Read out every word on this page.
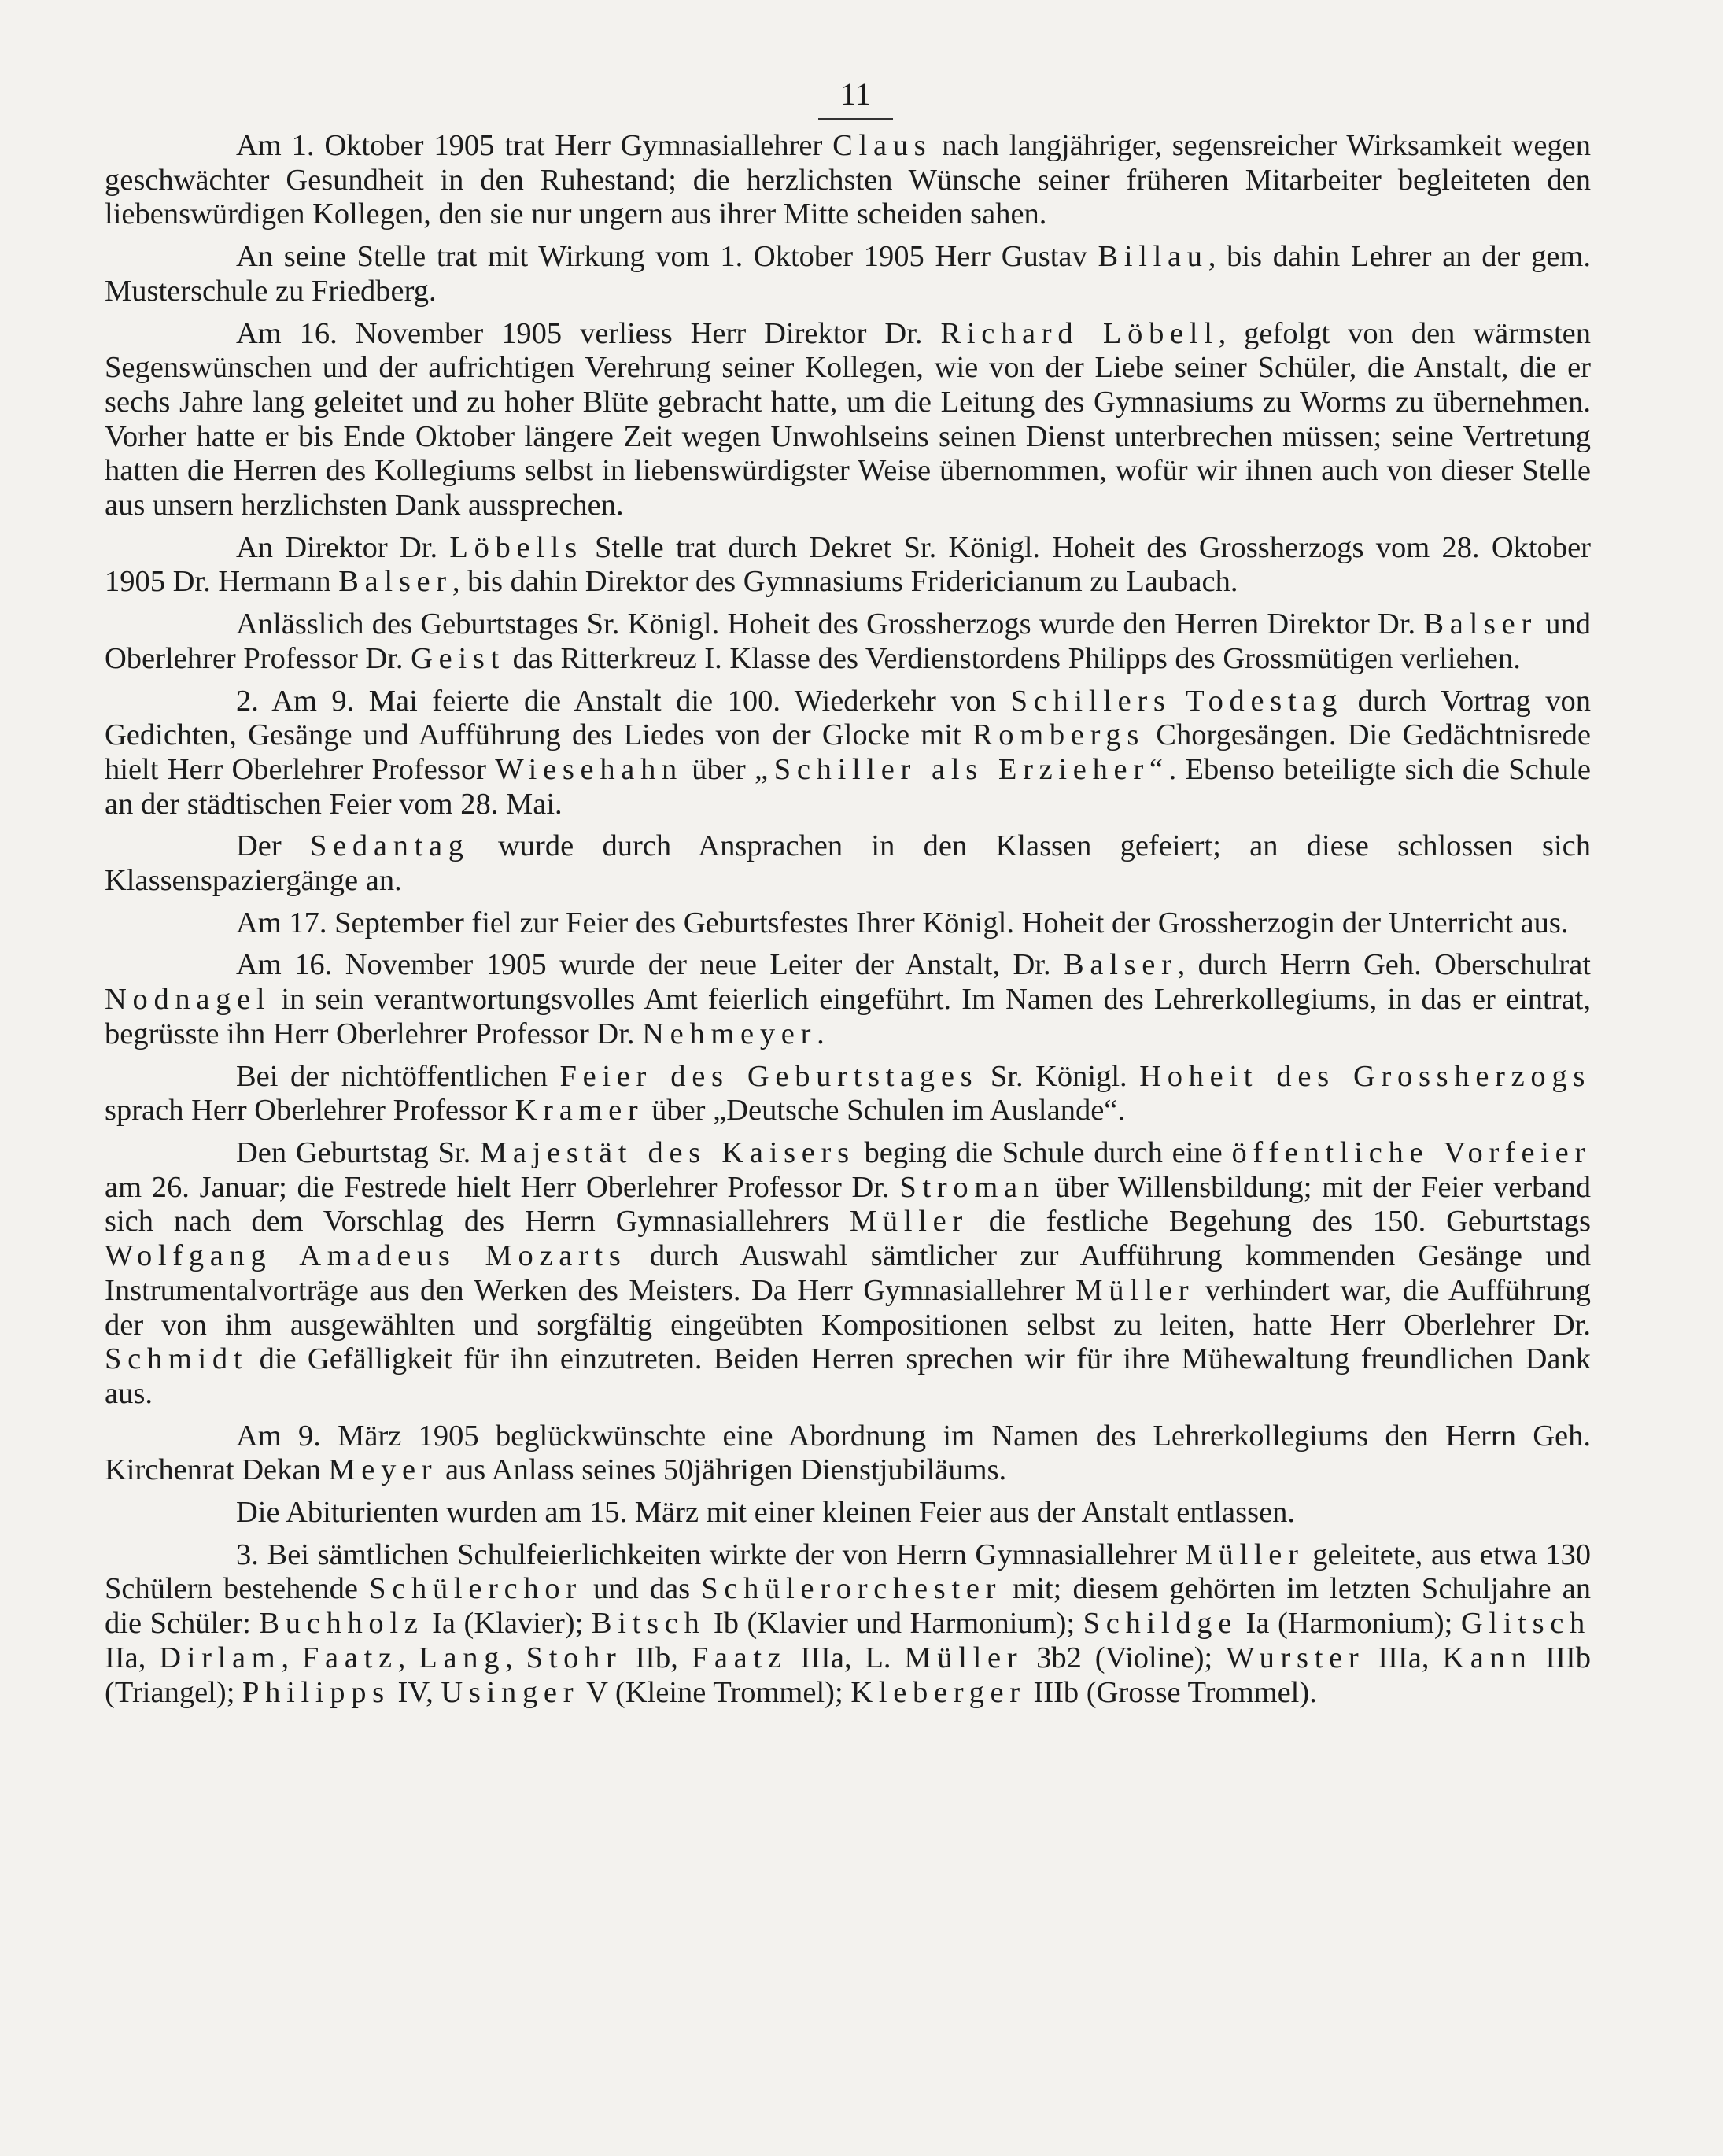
11

Am 1. Oktober 1905 trat Herr Gymnasiallehrer Claus nach langjähriger, segensreicher Wirksamkeit wegen geschwächter Gesundheit in den Ruhestand; die herzlichsten Wünsche seiner früheren Mitarbeiter begleiteten den liebenswürdigen Kollegen, den sie nur ungern aus ihrer Mitte scheiden sahen.

An seine Stelle trat mit Wirkung vom 1. Oktober 1905 Herr Gustav Billau, bis dahin Lehrer an der gem. Musterschule zu Friedberg.

Am 16. November 1905 verliess Herr Direktor Dr. Richard Löbell, gefolgt von den wärmsten Segenswünschen und der aufrichtigen Verehrung seiner Kollegen, wie von der Liebe seiner Schüler, die Anstalt, die er sechs Jahre lang geleitet und zu hoher Blüte gebracht hatte, um die Leitung des Gymnasiums zu Worms zu übernehmen. Vorher hatte er bis Ende Oktober längere Zeit wegen Unwohlseins seinen Dienst unterbrechen müssen; seine Vertretung hatten die Herren des Kollegiums selbst in liebenswürdigster Weise übernommen, wofür wir ihnen auch von dieser Stelle aus unsern herzlichsten Dank aussprechen.

An Direktor Dr. Löbells Stelle trat durch Dekret Sr. Königl. Hoheit des Grossherzogs vom 28. Oktober 1905 Dr. Hermann Balser, bis dahin Direktor des Gymnasiums Fridericianum zu Laubach.

Anlässlich des Geburtstages Sr. Königl. Hoheit des Grossherzogs wurde den Herren Direktor Dr. Balser und Oberlehrer Professor Dr. Geist das Ritterkreuz I. Klasse des Verdienstordens Philipps des Grossmütigen verliehen.

2. Am 9. Mai feierte die Anstalt die 100. Wiederkehr von Schillers Todestag durch Vortrag von Gedichten, Gesänge und Aufführung des Liedes von der Glocke mit Rombergs Chorgesängen. Die Gedächtnisrede hielt Herr Oberlehrer Professor Wiesehahn über „Schiller als Erzieher“. Ebenso beteiligte sich die Schule an der städtischen Feier vom 28. Mai.

Der Sedantag wurde durch Ansprachen in den Klassen gefeiert; an diese schlossen sich Klassenspaziergänge an.

Am 17. September fiel zur Feier des Geburtsfestes Ihrer Königl. Hoheit der Grossherzogin der Unterricht aus.

Am 16. November 1905 wurde der neue Leiter der Anstalt, Dr. Balser, durch Herrn Geh. Oberschulrat Nodnagel in sein verantwortungsvolles Amt feierlich eingeführt. Im Namen des Lehrerkollegiums, in das er eintrat, begrüsste ihn Herr Oberlehrer Professor Dr. Nehmeyer.

Bei der nichtöffentlichen Feier des Geburtstages Sr. Königl. Hoheit des Grossherzogs sprach Herr Oberlehrer Professor Kramer über „Deutsche Schulen im Auslande“.

Den Geburtstag Sr. Majestät des Kaisers beging die Schule durch eine öffentliche Vorfeier am 26. Januar; die Festrede hielt Herr Oberlehrer Professor Dr. Stroman über Willensbildung; mit der Feier verband sich nach dem Vorschlag des Herrn Gymnasiallehrers Müller die festliche Begehung des 150. Geburtstags Wolfgang Amadeus Mozarts durch Auswahl sämtlicher zur Aufführung kommenden Gesänge und Instrumentalvorträge aus den Werken des Meisters. Da Herr Gymnasiallehrer Müller verhindert war, die Aufführung der von ihm ausgewählten und sorgfältig eingeübten Kompositionen selbst zu leiten, hatte Herr Oberlehrer Dr. Schmidt die Gefälligkeit für ihn einzutreten. Beiden Herren sprechen wir für ihre Mühewaltung freundlichen Dank aus.

Am 9. März 1905 beglückwünschte eine Abordnung im Namen des Lehrerkollegiums den Herrn Geh. Kirchenrat Dekan Meyer aus Anlass seines 50jährigen Dienstjubiläums.

Die Abiturienten wurden am 15. März mit einer kleinen Feier aus der Anstalt entlassen.

3. Bei sämtlichen Schulfeierlichkeiten wirkte der von Herrn Gymnasiallehrer Müller geleitete, aus etwa 130 Schülern bestehende Schülerchor und das Schülerorchester mit; diesem gehörten im letzten Schuljahre an die Schüler: Buchholz Ia (Klavier); Bitsch Ib (Klavier und Harmonium); Schildge Ia (Harmonium); Glitsch IIa, Dirlam, Faatz, Lang, Stohr IIb, Faatz IIIa, L. Müller 3b2 (Violine); Wurster IIIa, Kann IIIb (Triangel); Philipps IV, Usinger V (Kleine Trommel); Kleberger IIIb (Grosse Trommel).
